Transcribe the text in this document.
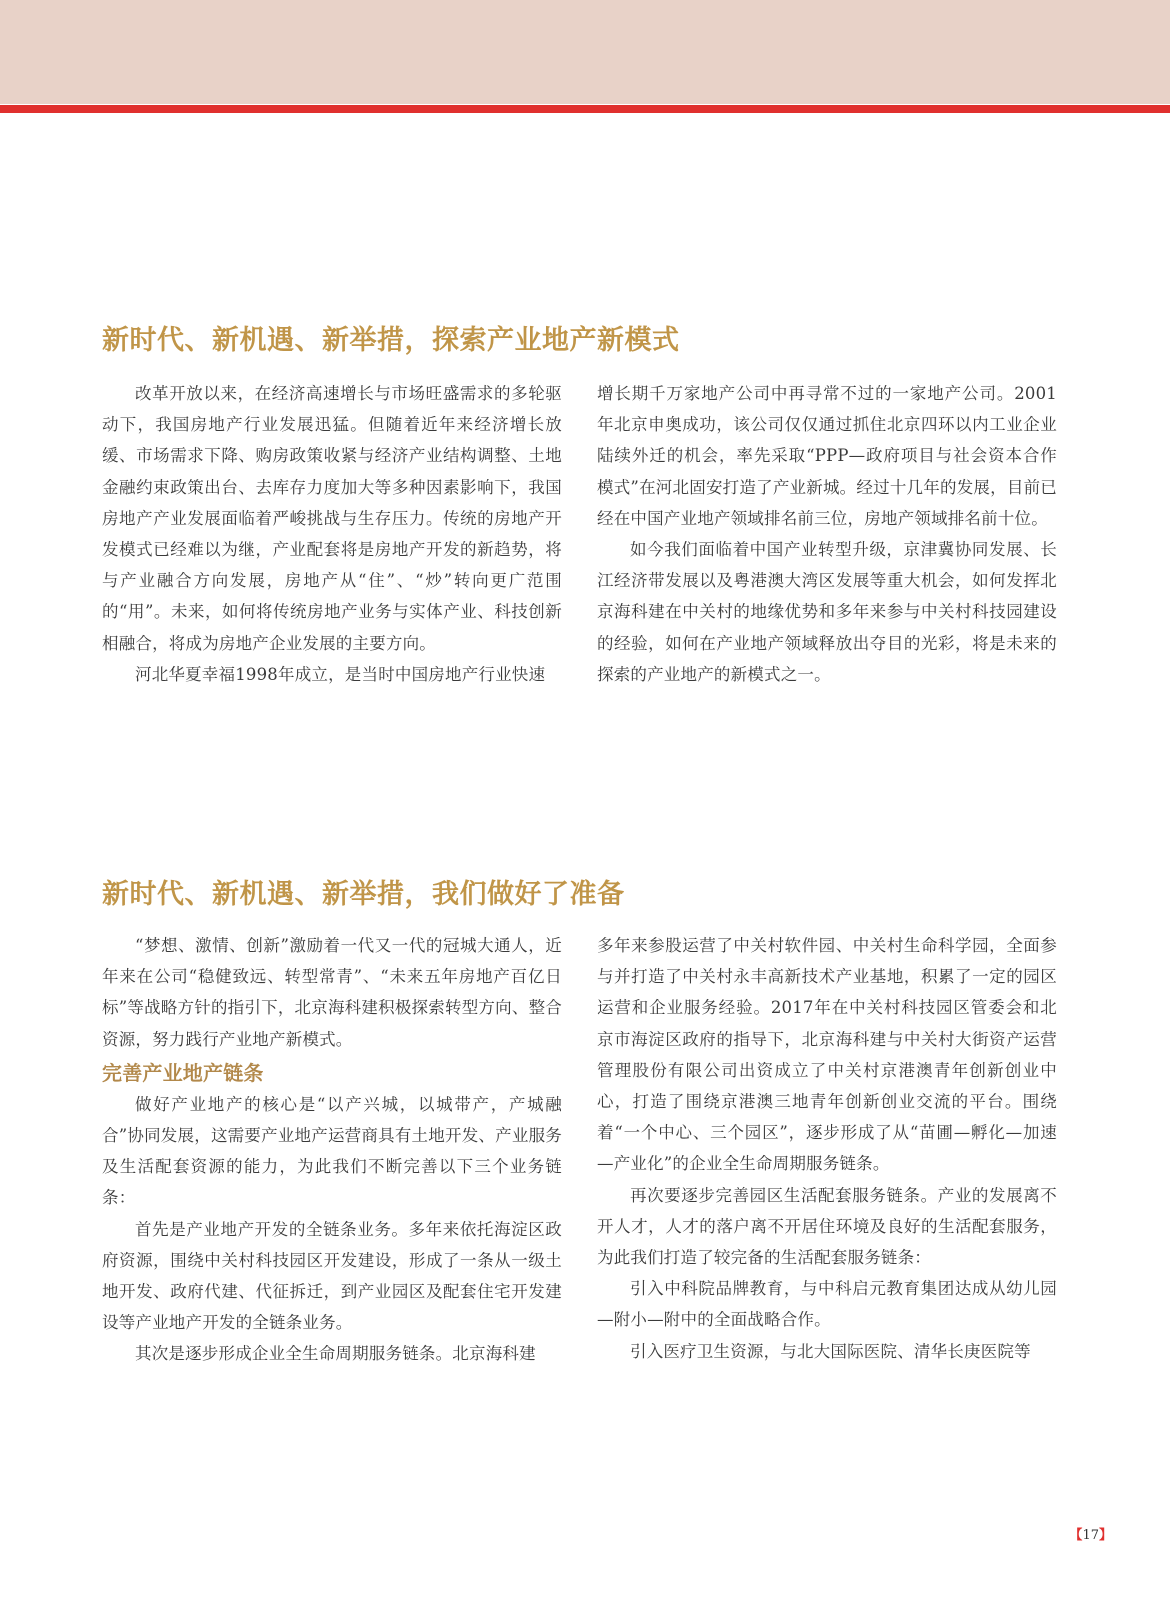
新时代、新机遇、新举措，探索产业地产新模式

改革开放以来，在经济高速增长与市场旺盛需求的多轮驱动下，我国房地产行业发展迅猛。但随着近年来经济增长放缓、市场需求下降、购房政策收紧与经济产业结构调整、土地金融约束政策出台、去库存力度加大等多种因素影响下，我国房地产产业发展面临着严峻挑战与生存压力。传统的房地产开发模式已经难以为继，产业配套将是房地产开发的新趋势，将与产业融合方向发展，房地产从“住”、“炒”转向更广范围的“用”。未来，如何将传统房地产业务与实体产业、科技创新相融合，将成为房地产企业发展的主要方向。

河北华夏幸福1998年成立，是当时中国房地产行业快速

增长期千万家地产公司中再寻常不过的一家地产公司。2001年北京申奥成功，该公司仅仅通过抓住北京四环以内工业企业陆续外迁的机会，率先采取“PPP—政府项目与社会资本合作模式”在河北固安打造了产业新城。经过十几年的发展，目前已经在中国产业地产领域排名前三位，房地产领域排名前十位。

如今我们面临着中国产业转型升级，京津冀协同发展、长江经济带发展以及粤港澳大湾区发展等重大机会，如何发挥北京海科建在中关村的地缘优势和多年来参与中关村科技园建设的经验，如何在产业地产领域释放出夺目的光彩，将是未来的探索的产业地产的新模式之一。

新时代、新机遇、新举措，我们做好了准备

“梦想、激情、创新”激励着一代又一代的冠城大通人，近年来在公司“稳健致远、转型常青”、“未来五年房地产百亿日标”等战略方针的指引下，北京海科建积极探索转型方向、整合资源，努力践行产业地产新模式。

完善产业地产链条

做好产业地产的核心是“以产兴城，以城带产，产城融合”协同发展，这需要产业地产运营商具有土地开发、产业服务及生活配套资源的能力，为此我们不断完善以下三个业务链条：

首先是产业地产开发的全链条业务。多年来依托海淀区政府资源，围绕中关村科技园区开发建设，形成了一条从一级土地开发、政府代建、代征拆迁，到产业园区及配套住宅开发建设等产业地产开发的全链条业务。

其次是逐步形成企业全生命周期服务链条。北京海科建

多年来参股运营了中关村软件园、中关村生命科学园，全面参与并打造了中关村永丰高新技术产业基地，积累了一定的园区运营和企业服务经验。2017年在中关村科技园区管委会和北京市海淀区政府的指导下，北京海科建与中关村大街资产运营管理股份有限公司出资成立了中关村京港澳青年创新创业中心，打造了围绕京港澳三地青年创新创业交流的平台。围绕着“一个中心、三个园区”，逐步形成了从“苗圃—孵化—加速—产业化”的企业全生命周期服务链条。

再次要逐步完善园区生活配套服务链条。产业的发展离不开人才，人才的落户离不开居住环境及良好的生活配套服务，为此我们打造了较完备的生活配套服务链条：

引入中科院品牌教育，与中科启元教育集团达成从幼儿园—附小—附中的全面战略合作。

引入医疗卫生资源，与北大国际医院、清华长庚医院等

【17】
